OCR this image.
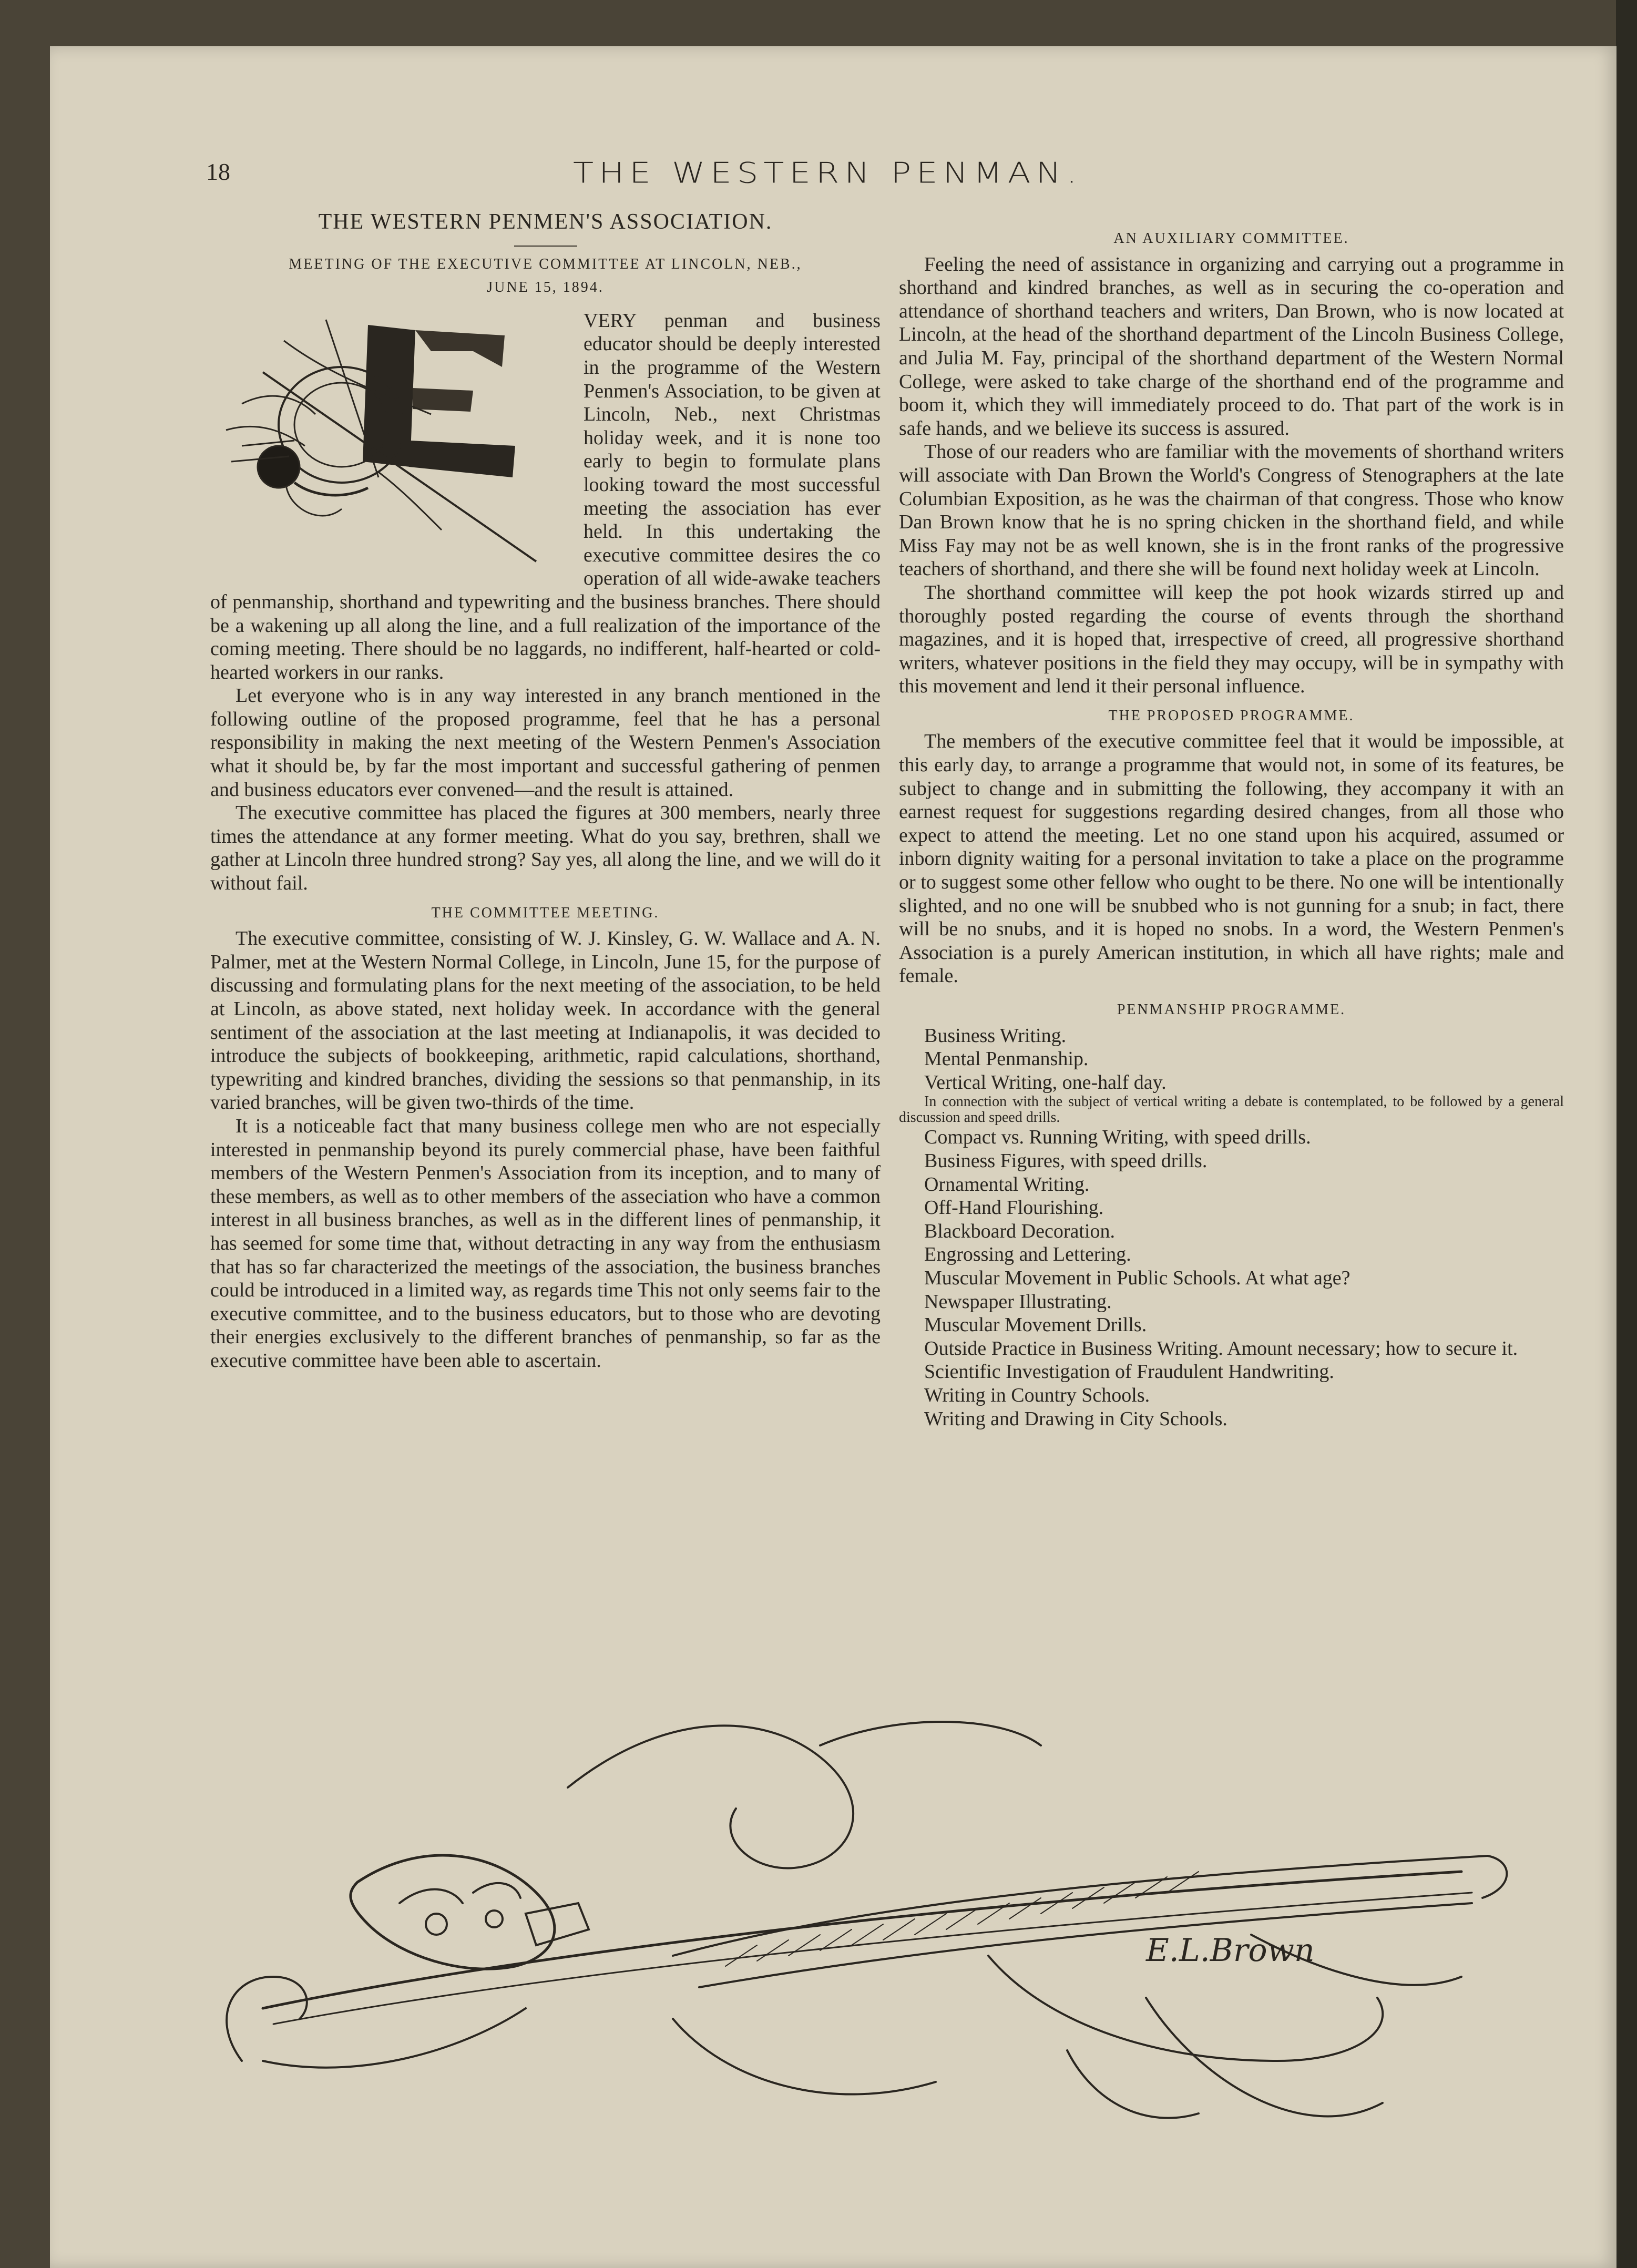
18	THE WESTERN PENMAN.
THE WESTERN PENMEN'S ASSOCIATION.
MEETING OF THE EXECUTIVE COMMITTEE AT LINCOLN, NEB.,
JUNE 15, 1894.

VERY penman and business educator should be deeply interested in the programme of the Western Penmen's Association, to be given at Lincoln, Neb., next Christmas holiday week, and it is none too early to begin to formulate plans looking toward the most successful meeting the association has ever held. In this undertaking the executive committee desires the co operation of all wide-awake teachers of penmanship, shorthand and typewriting and the business branches. There should be a wakening up all along the line, and a full realization of the importance of the coming meeting. There should be no laggards, no indifferent, half-hearted or cold-hearted workers in our ranks.

Let everyone who is in any way interested in any branch mentioned in the following outline of the proposed programme, feel that he has a personal responsibility in making the next meeting of the Western Penmen's Association what it should be, by far the most important and successful gathering of penmen and business educators ever convened—and the result is attained.

The executive committee has placed the figures at 300 members, nearly three times the attendance at any former meeting. What do you say, brethren, shall we gather at Lincoln three hundred strong? Say yes, all along the line, and we will do it without fail.

THE COMMITTEE MEETING.

The executive committee, consisting of W. J. Kinsley, G. W. Wallace and A. N. Palmer, met at the Western Normal College, in Lincoln, June 15, for the purpose of discussing and formulating plans for the next meeting of the association, to be held at Lincoln, as above stated, next holiday week. In accordance with the general sentiment of the association at the last meeting at Indianapolis, it was decided to introduce the subjects of bookkeeping, arithmetic, rapid calculations, shorthand, typewriting and kindred branches, dividing the sessions so that penmanship, in its varied branches, will be given two-thirds of the time.

It is a noticeable fact that many business college men who are not especially interested in penmanship beyond its purely commercial phase, have been faithful members of the Western Penmen's Association from its inception, and to many of these members, as well as to other members of the asseciation who have a common interest in all business branches, as well as in the different lines of penmanship, it has seemed for some time that, without detracting in any way from the enthusiasm that has so far characterized the meetings of the association, the business branches could be introduced in a limited way, as regards time This not only seems fair to the executive committee, and to the business educators, but to those who are devoting their energies exclusively to the different branches of penmanship, so far as the executive committee have been able to ascertain.

AN AUXILIARY COMMITTEE.

Feeling the need of assistance in organizing and carrying out a programme in shorthand and kindred branches, as well as in securing the co-operation and attendance of shorthand teachers and writers, Dan Brown, who is now located at Lincoln, at the head of the shorthand department of the Lincoln Business College, and Julia M. Fay, principal of the shorthand department of the Western Normal College, were asked to take charge of the shorthand end of the programme and boom it, which they will immediately proceed to do. That part of the work is in safe hands, and we believe its success is assured.

Those of our readers who are familiar with the movements of shorthand writers will associate with Dan Brown the World's Congress of Stenographers at the late Columbian Exposition, as he was the chairman of that congress. Those who know Dan Brown know that he is no spring chicken in the shorthand field, and while Miss Fay may not be as well known, she is in the front ranks of the progressive teachers of shorthand, and there she will be found next holiday week at Lincoln.

The shorthand committee will keep the pot hook wizards stirred up and thoroughly posted regarding the course of events through the shorthand magazines, and it is hoped that, irrespective of creed, all progressive shorthand writers, whatever positions in the field they may occupy, will be in sympathy with this movement and lend it their personal influence.

THE PROPOSED PROGRAMME.

The members of the executive committee feel that it would be impossible, at this early day, to arrange a programme that would not, in some of its features, be subject to change and in submitting the following, they accompany it with an earnest request for suggestions regarding desired changes, from all those who expect to attend the meeting. Let no one stand upon his acquired, assumed or inborn dignity waiting for a personal invitation to take a place on the programme or to suggest some other fellow who ought to be there. No one will be intentionally slighted, and no one will be snubbed who is not gunning for a snub; in fact, there will be no snubs, and it is hoped no snobs. In a word, the Western Penmen's Association is a purely American institution, in which all have rights; male and female.

PENMANSHIP PROGRAMME.
Business Writing.
Mental Penmanship.
Vertical Writing, one-half day.
In connection with the subject of vertical writing a debate is contemplated, to be followed by a general discussion and speed drills.
Compact vs. Running Writing, with speed drills.
Business Figures, with speed drills.
Ornamental Writing.
Off-Hand Flourishing.
Blackboard Decoration.
Engrossing and Lettering.
Muscular Movement in Public Schools. At what age?
Newspaper Illustrating.
Muscular Movement Drills.
Outside Practice in Business Writing. Amount necessary; how to secure it.
Scientific Investigation of Fraudulent Handwriting.
Writing in Country Schools.
Writing and Drawing in City Schools.
E.L.Brown
